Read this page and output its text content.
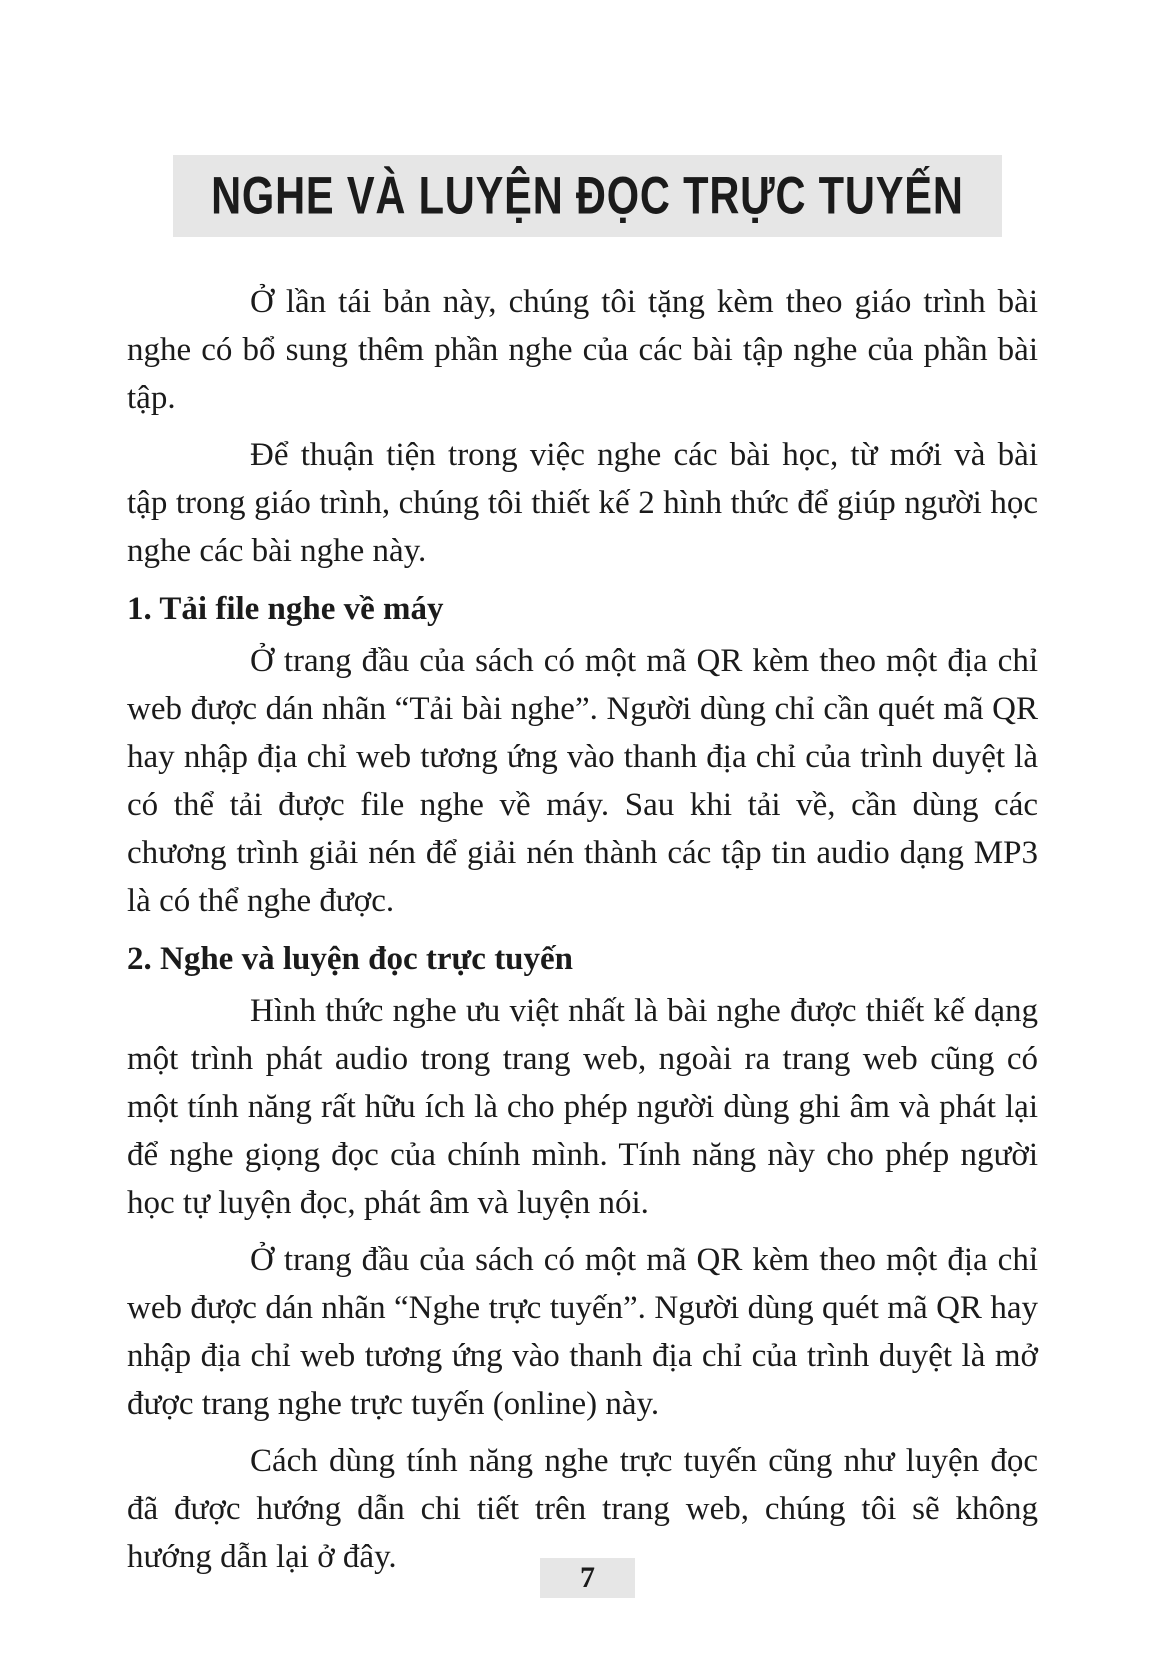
NGHE VÀ LUYỆN ĐỌC TRỰC TUYẾN

Ở lần tái bản này, chúng tôi tặng kèm theo giáo trình bài nghe có bổ sung thêm phần nghe của các bài tập nghe của phần bài tập.

Để thuận tiện trong việc nghe các bài học, từ mới và bài tập trong giáo trình, chúng tôi thiết kế 2 hình thức để giúp người học nghe các bài nghe này.

1. Tải file nghe về máy

Ở trang đầu của sách có một mã QR kèm theo một địa chỉ web được dán nhãn “Tải bài nghe”. Người dùng chỉ cần quét mã QR hay nhập địa chỉ web tương ứng vào thanh địa chỉ của trình duyệt là có thể tải được file nghe về máy. Sau khi tải về, cần dùng các chương trình giải nén để giải nén thành các tập tin audio dạng MP3 là có thể nghe được.

2. Nghe và luyện đọc trực tuyến

Hình thức nghe ưu việt nhất là bài nghe được thiết kế dạng một trình phát audio trong trang web, ngoài ra trang web cũng có một tính năng rất hữu ích là cho phép người dùng ghi âm và phát lại để nghe giọng đọc của chính mình. Tính năng này cho phép người học tự luyện đọc, phát âm và luyện nói.

Ở trang đầu của sách có một mã QR kèm theo một địa chỉ web được dán nhãn “Nghe trực tuyến”. Người dùng quét mã QR hay nhập địa chỉ web tương ứng vào thanh địa chỉ của trình duyệt là mở được trang nghe trực tuyến (online) này.

Cách dùng tính năng nghe trực tuyến cũng như luyện đọc đã được hướng dẫn chi tiết trên trang web, chúng tôi sẽ không hướng dẫn lại ở đây.

7
